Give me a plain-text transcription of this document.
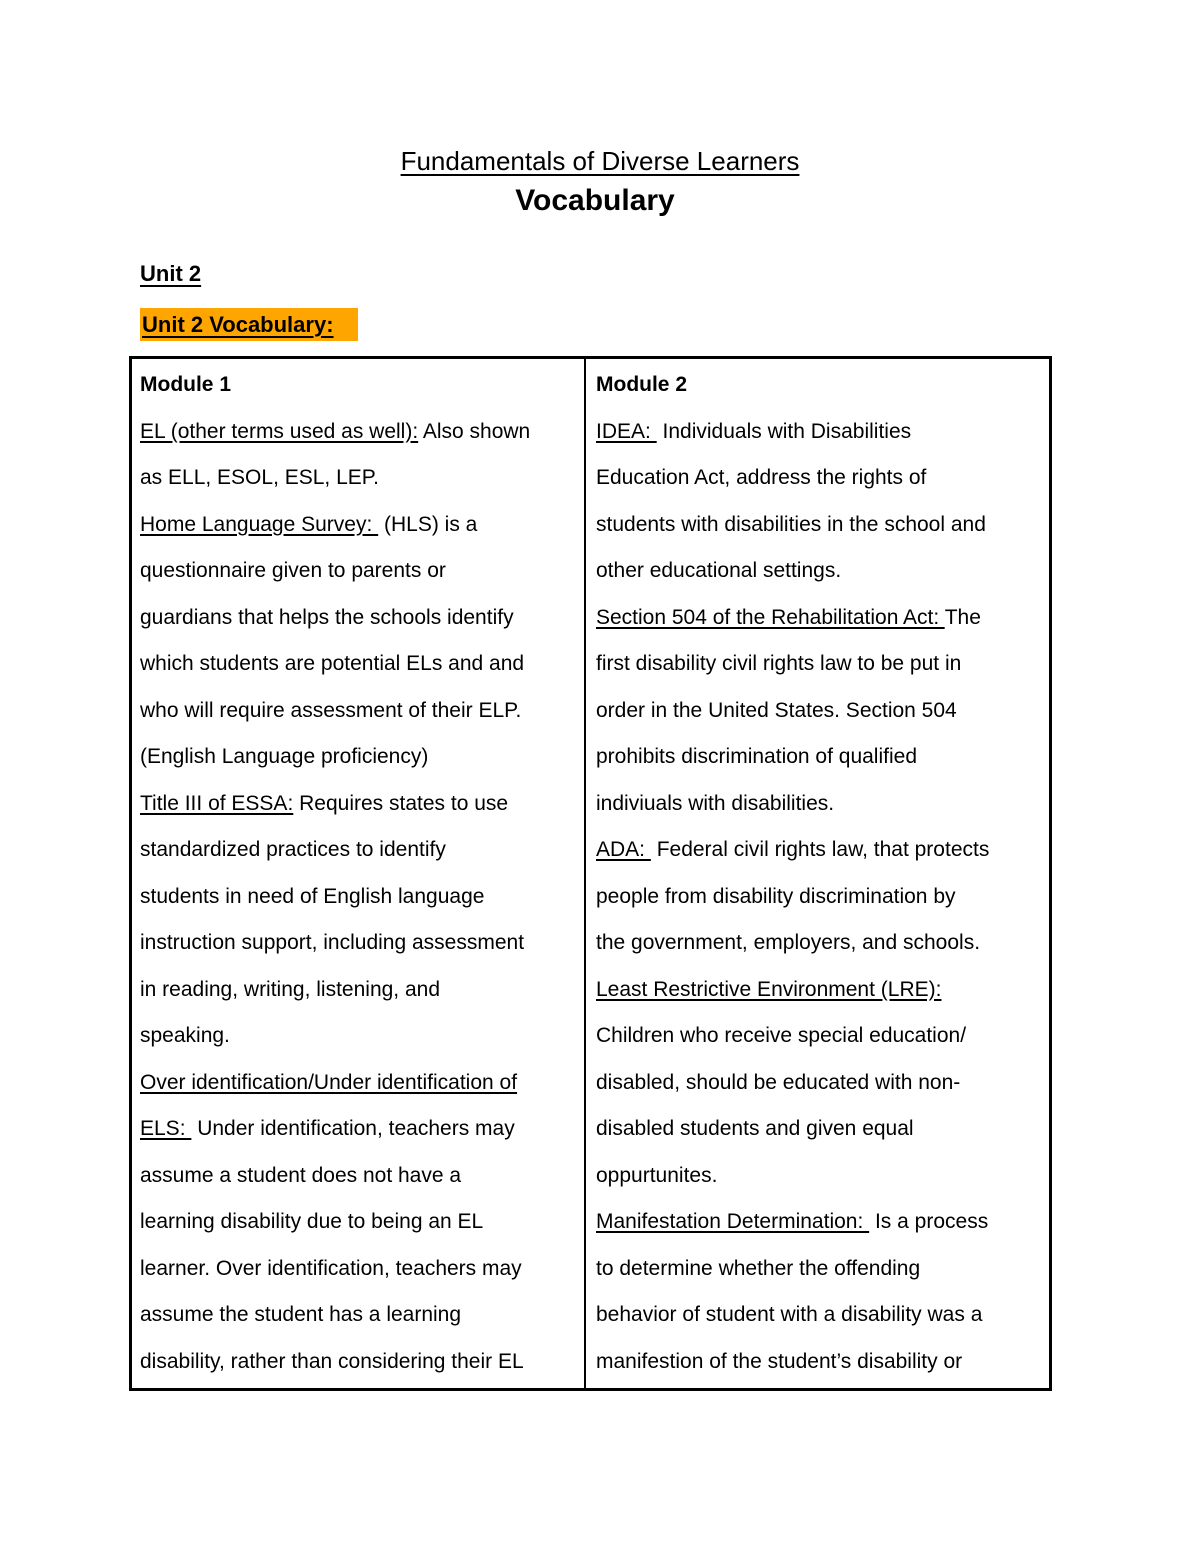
Fundamentals of Diverse Learners
Vocabulary
Unit 2
Unit 2 Vocabulary:
Module 1
EL (other terms used as well): Also shown
as ELL, ESOL, ESL, LEP.
Home Language Survey:  (HLS) is a
questionnaire given to parents or
guardians that helps the schools identify
which students are potential ELs and and
who will require assessment of their ELP.
(English Language proficiency)
Title III of ESSA: Requires states to use
standardized practices to identify
students in need of English language
instruction support, including assessment
in reading, writing, listening, and
speaking.
Over identification/Under identification of
ELS:  Under identification, teachers may
assume a student does not have a
learning disability due to being an EL
learner. Over identification, teachers may
assume the student has a learning
disability, rather than considering their EL
Module 2
IDEA:  Individuals with Disabilities
Education Act, address the rights of
students with disabilities in the school and
other educational settings.
Section 504 of the Rehabilitation Act: The
first disability civil rights law to be put in
order in the United States. Section 504
prohibits discrimination of qualified
indiviuals with disabilities.
ADA:  Federal civil rights law, that protects
people from disability discrimination by
the government, employers, and schools.
Least Restrictive Environment (LRE):
Children who receive special education/
disabled, should be educated with non-
disabled students and given equal
oppurtunites.
Manifestation Determination:  Is a process
to determine whether the offending
behavior of student with a disability was a
manifestion of the student’s disability or
